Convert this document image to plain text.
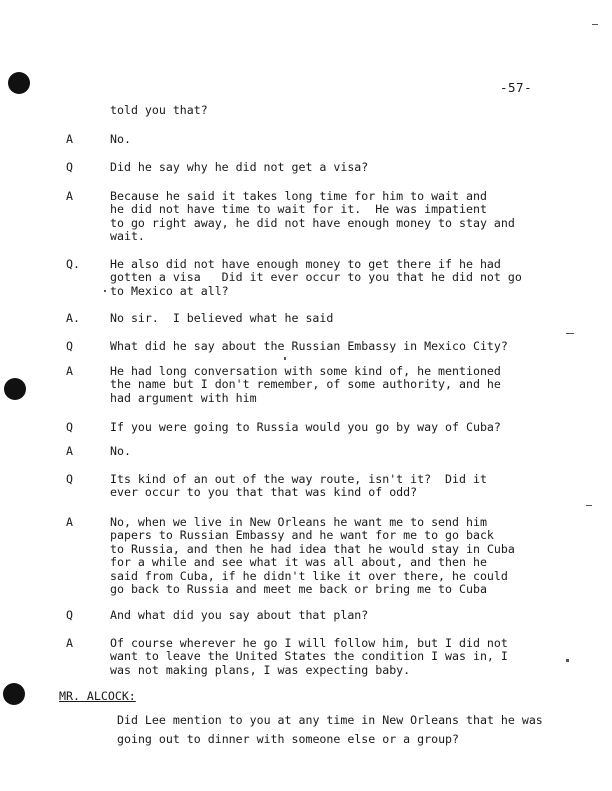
-57-
told you that?
A	No.
Q	Did he say why he did not get a visa?
A	Because he said it takes long time for him to wait and
he did not have time to wait for it.  He was impatient
to go right away, he did not have enough money to stay and
wait.
Q.	He also did not have enough money to get there if he had
gotten a visa   Did it ever occur to you that he did not go
to Mexico at all?
A.	No sir.  I believed what he said
Q	What did he say about the Russian Embassy in Mexico City?
A	He had long conversation with some kind of, he mentioned
the name but I don't remember, of some authority, and he
had argument with him
Q	If you were going to Russia would you go by way of Cuba?
A	No.
Q	Its kind of an out of the way route, isn't it?  Did it
ever occur to you that that was kind of odd?
A	No, when we live in New Orleans he want me to send him
papers to Russian Embassy and he want for me to go back
to Russia, and then he had idea that he would stay in Cuba
for a while and see what it was all about, and then he
said from Cuba, if he didn't like it over there, he could
go back to Russia and meet me back or bring me to Cuba
Q	And what did you say about that plan?
A	Of course wherever he go I will follow him, but I did not
want to leave the United States the condition I was in, I
was not making plans, I was expecting baby.
MR. ALCOCK:
Did Lee mention to you at any time in New Orleans that he was
going out to dinner with someone else or a group?
